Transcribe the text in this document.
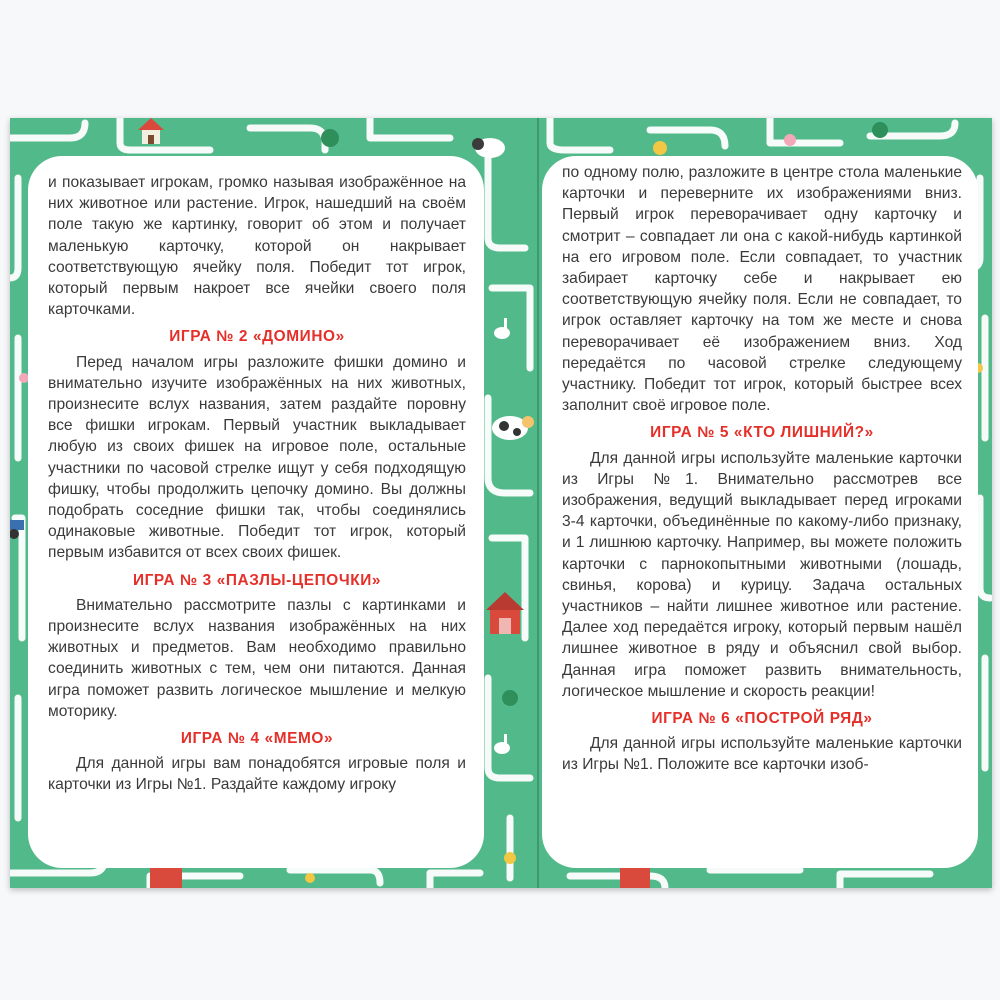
и показывает игрокам, громко называя изображённое на них животное или растение. Игрок, нашедший на своём поле такую же картинку, говорит об этом и получает маленькую карточку, которой он накрывает соответствующую ячейку поля. Победит тот игрок, который первым накроет все ячейки своего поля карточками.

ИГРА № 2 «ДОМИНО»

Перед началом игры разложите фишки домино и внимательно изучите изображённых на них животных, произнесите вслух названия, затем раздайте поровну все фишки игрокам. Первый участник выкладывает любую из своих фишек на игровое поле, остальные участники по часовой стрелке ищут у себя подходящую фишку, чтобы продолжить цепочку домино. Вы должны подобрать соседние фишки так, чтобы соединялись одинаковые животные. Победит тот игрок, который первым избавится от всех своих фишек.

ИГРА № 3 «ПАЗЛЫ-ЦЕПОЧКИ»

Внимательно рассмотрите пазлы с картинками и произнесите вслух названия изображённых на них животных и предметов. Вам необходимо правильно соединить животных с тем, чем они питаются. Данная игра поможет развить логическое мышление и мелкую моторику.

ИГРА № 4 «МЕМО»

Для данной игры вам понадобятся игровые поля и карточки из Игры №1. Раздайте каждому игроку

по одному полю, разложите в центре стола маленькие карточки и переверните их изображениями вниз. Первый игрок переворачивает одну карточку и смотрит – совпадает ли она с какой-нибудь картинкой на его игровом поле. Если совпадает, то участник забирает карточку себе и накрывает ею соответствующую ячейку поля. Если не совпадает, то игрок оставляет карточку на том же месте и снова переворачивает её изображением вниз. Ход передаётся по часовой стрелке следующему участнику. Победит тот игрок, который быстрее всех заполнит своё игровое поле.

ИГРА № 5 «КТО ЛИШНИЙ?»

Для данной игры используйте маленькие карточки из Игры №1. Внимательно рассмотрев все изображения, ведущий выкладывает перед игроками 3-4 карточки, объединённые по какому-либо признаку, и 1 лишнюю карточку. Например, вы можете положить карточки с парнокопытными животными (лошадь, свинья, корова) и курицу. Задача остальных участников – найти лишнее животное или растение. Далее ход передаётся игроку, который первым нашёл лишнее животное в ряду и объяснил свой выбор. Данная игра поможет развить внимательность, логическое мышление и скорость реакции!

ИГРА № 6 «ПОСТРОЙ РЯД»

Для данной игры используйте маленькие карточки из Игры №1. Положите все карточки изоб-
